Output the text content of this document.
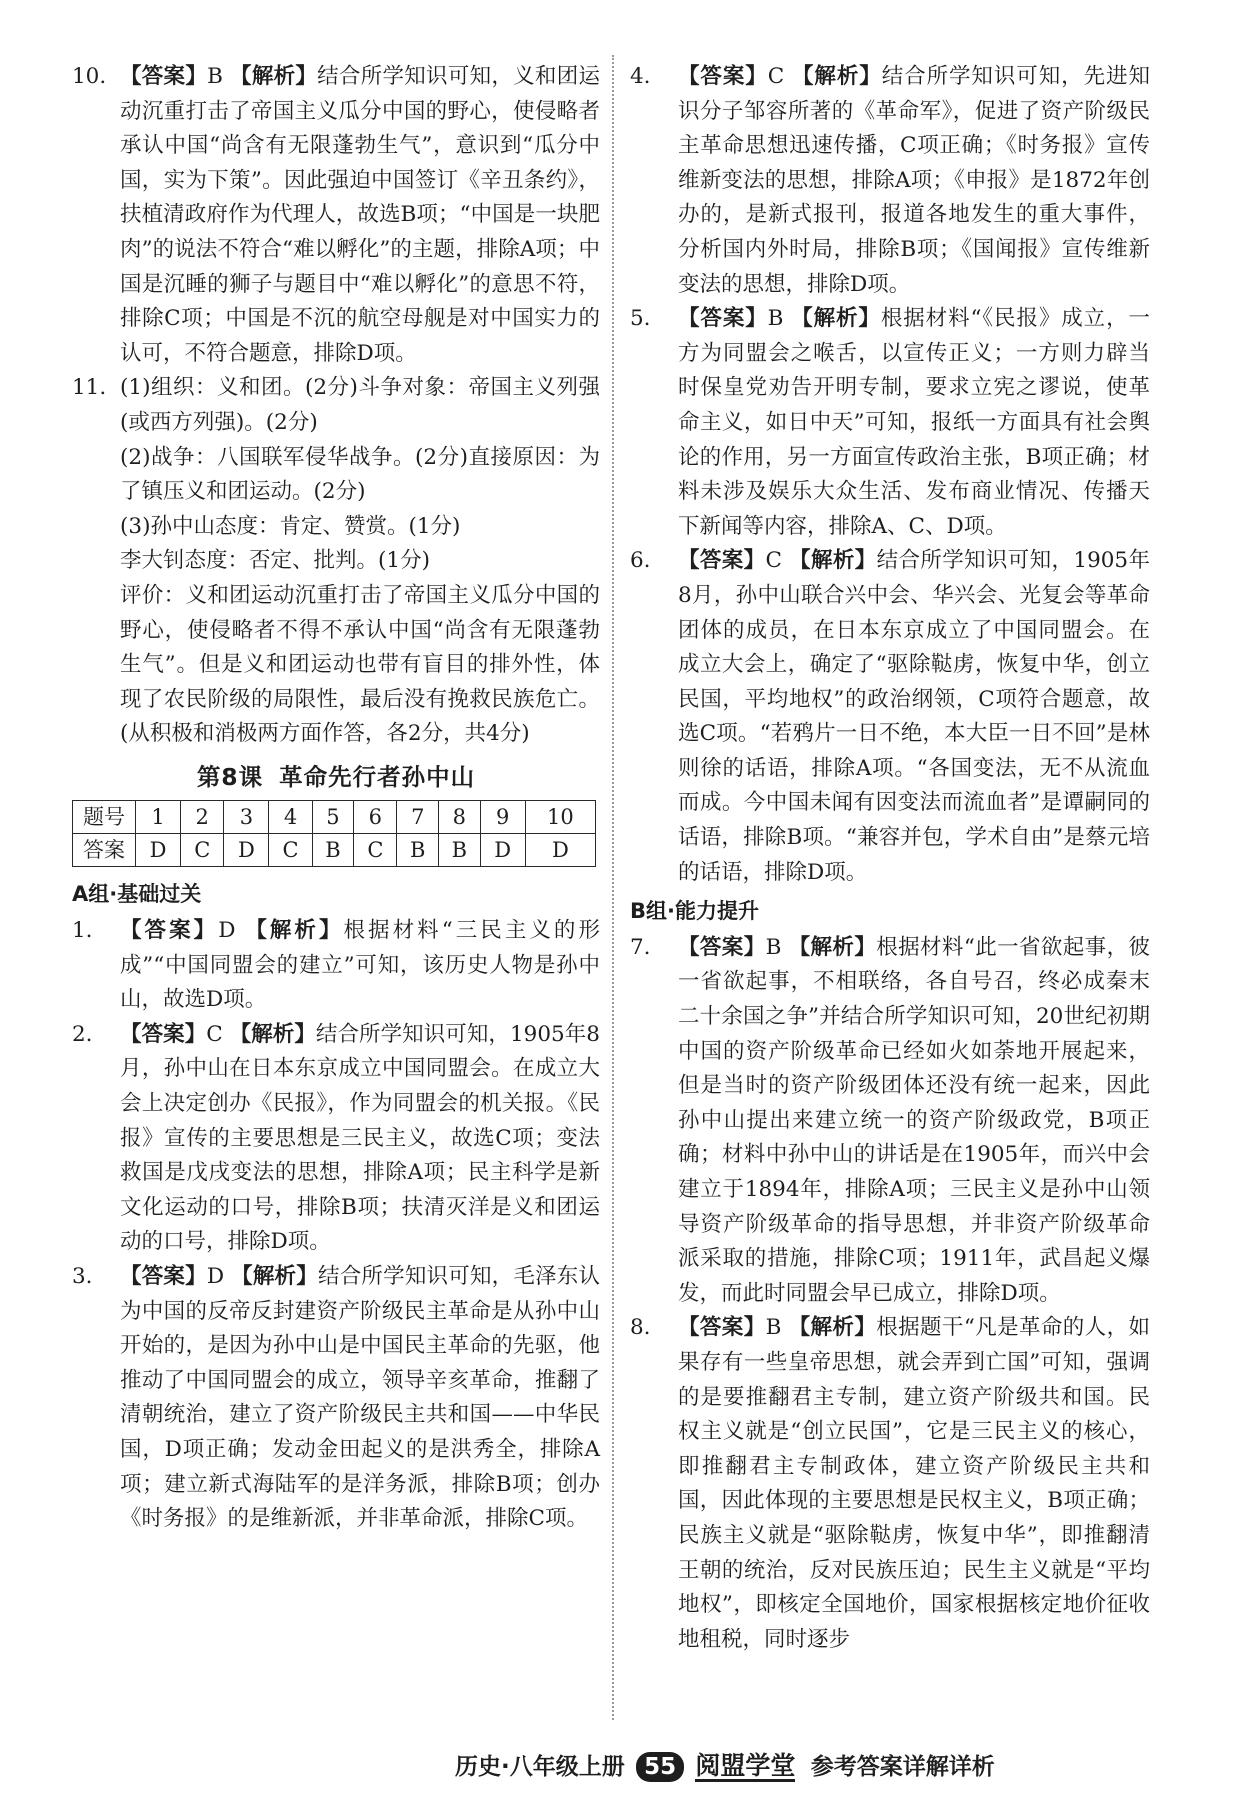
10. 【答案】B 【解析】结合所学知识可知，义和团运动沉重打击了帝国主义瓜分中国的野心，使侵略者承认中国“尚含有无限蓬勃生气”，意识到“瓜分中国，实为下策”。因此强迫中国签订《辛丑条约》，扶植清政府作为代理人，故选B项；“中国是一块肥肉”的说法不符合“难以孵化”的主题，排除A项；中国是沉睡的狮子与题目中“难以孵化”的意思不符，排除C项；中国是不沉的航空母舰是对中国实力的认可，不符合题意，排除D项。
11. (1)组织：义和团。(2分)斗争对象：帝国主义列强(或西方列强)。(2分)

(2)战争：八国联军侵华战争。(2分)直接原因：为了镇压义和团运动。(2分)

(3)孙中山态度：肯定、赞赏。(1分)

李大钊态度：否定、批判。(1分)

评价：义和团运动沉重打击了帝国主义瓜分中国的野心，使侵略者不得不承认中国“尚含有无限蓬勃生气”。但是义和团运动也带有盲目的排外性，体现了农民阶级的局限性，最后没有挽救民族危亡。(从积极和消极两方面作答，各2分，共4分)

第8课 革命先行者孙中山
题号	1	2	3	4	5	6	7	8	9	10
答案	D	C	D	C	B	C	B	B	D	D
A组·基础过关
1. 【答案】D 【解析】根据材料“三民主义的形成”“中国同盟会的建立”可知，该历史人物是孙中山，故选D项。
2. 【答案】C 【解析】结合所学知识可知，1905年8月，孙中山在日本东京成立中国同盟会。在成立大会上决定创办《民报》，作为同盟会的机关报。《民报》宣传的主要思想是三民主义，故选C项；变法救国是戊戌变法的思想，排除A项；民主科学是新文化运动的口号，排除B项；扶清灭洋是义和团运动的口号，排除D项。
3. 【答案】D 【解析】结合所学知识可知，毛泽东认为中国的反帝反封建资产阶级民主革命是从孙中山开始的，是因为孙中山是中国民主革命的先驱，他推动了中国同盟会的成立，领导辛亥革命，推翻了清朝统治，建立了资产阶级民主共和国——中华民国，D项正确；发动金田起义的是洪秀全，排除A项；建立新式海陆军的是洋务派，排除B项；创办《时务报》的是维新派，并非革命派，排除C项。
4. 【答案】C 【解析】结合所学知识可知，先进知识分子邹容所著的《革命军》，促进了资产阶级民主革命思想迅速传播，C项正确；《时务报》宣传维新变法的思想，排除A项；《申报》是1872年创办的，是新式报刊，报道各地发生的重大事件，分析国内外时局，排除B项；《国闻报》宣传维新变法的思想，排除D项。
5. 【答案】B 【解析】根据材料“《民报》成立，一方为同盟会之喉舌，以宣传正义；一方则力辟当时保皇党劝告开明专制，要求立宪之谬说，使革命主义，如日中天”可知，报纸一方面具有社会舆论的作用，另一方面宣传政治主张，B项正确；材料未涉及娱乐大众生活、发布商业情况、传播天下新闻等内容，排除A、C、D项。
6. 【答案】C 【解析】结合所学知识可知，1905年8月，孙中山联合兴中会、华兴会、光复会等革命团体的成员，在日本东京成立了中国同盟会。在成立大会上，确定了“驱除鞑虏，恢复中华，创立民国，平均地权”的政治纲领，C项符合题意，故选C项。“若鸦片一日不绝，本大臣一日不回”是林则徐的话语，排除A项。“各国变法，无不从流血而成。今中国未闻有因变法而流血者”是谭嗣同的话语，排除B项。“兼容并包，学术自由”是蔡元培的话语，排除D项。
B组·能力提升
7. 【答案】B 【解析】根据材料“此一省欲起事，彼一省欲起事，不相联络，各自号召，终必成秦末二十余国之争”并结合所学知识可知，20世纪初期中国的资产阶级革命已经如火如荼地开展起来，但是当时的资产阶级团体还没有统一起来，因此孙中山提出来建立统一的资产阶级政党，B项正确；材料中孙中山的讲话是在1905年，而兴中会建立于1894年，排除A项；三民主义是孙中山领导资产阶级革命的指导思想，并非资产阶级革命派采取的措施，排除C项；1911年，武昌起义爆发，而此时同盟会早已成立，排除D项。
8. 【答案】B 【解析】根据题干“凡是革命的人，如果存有一些皇帝思想，就会弄到亡国”可知，强调的是要推翻君主专制，建立资产阶级共和国。民权主义就是“创立民国”，它是三民主义的核心，即推翻君主专制政体，建立资产阶级民主共和国，因此体现的主要思想是民权主义，B项正确；民族主义就是“驱除鞑虏，恢复中华”，即推翻清王朝的统治，反对民族压迫；民生主义就是“平均地权”，即核定全国地价，国家根据核定地价征收地租税，同时逐步
历史·八年级上册 55 阅盟学堂 参考答案详解详析
